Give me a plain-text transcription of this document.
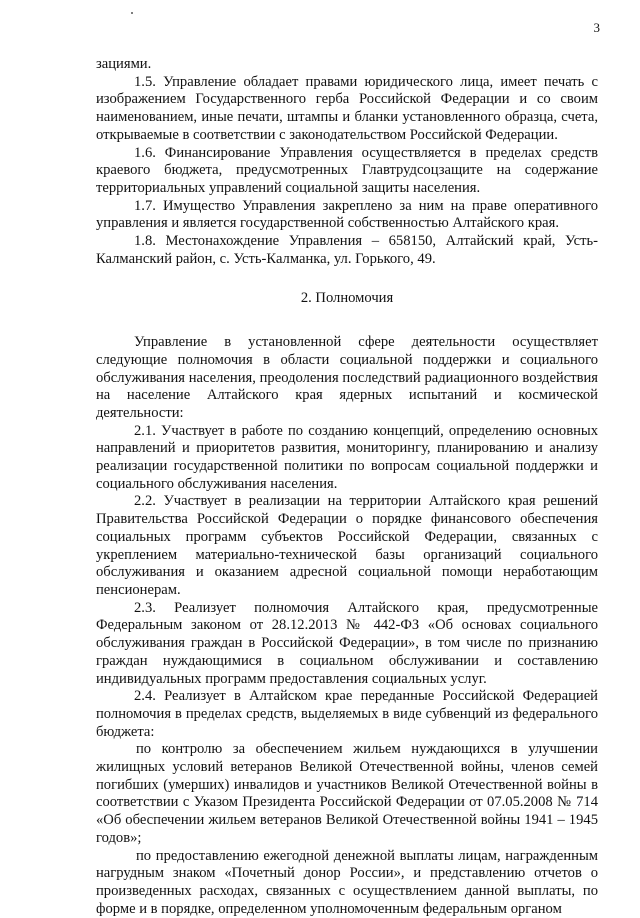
3

зациями.

1.5. Управление обладает правами юридического лица, имеет печать с изображением Государственного герба Российской Федерации и со своим наименованием, иные печати, штампы и бланки установленного образца, счета, открываемые в соответствии с законодательством Российской Федерации.

1.6. Финансирование Управления осуществляется в пределах средств краевого бюджета, предусмотренных Главтрудсоцзащите на содержание территориальных управлений социальной защиты населения.

1.7. Имущество Управления закреплено за ним на праве оперативного управления и является государственной собственностью Алтайского края.

1.8. Местонахождение Управления – 658150, Алтайский край, Усть-Калманский район, с. Усть-Калманка, ул. Горького, 49.

2. Полномочия

Управление в установленной сфере деятельности осуществляет следующие полномочия в области социальной поддержки и социального обслуживания населения, преодоления последствий радиационного воздействия на население Алтайского края ядерных испытаний и космической деятельности:

2.1. Участвует в работе по созданию концепций, определению основных направлений и приоритетов развития, мониторингу, планированию и анализу реализации государственной политики по вопросам социальной поддержки и социального обслуживания населения.

2.2. Участвует в реализации на территории Алтайского края решений Правительства Российской Федерации о порядке финансового обеспечения социальных программ субъектов Российской Федерации, связанных с укреплением материально-технической базы организаций социального обслуживания и оказанием адресной социальной помощи неработающим пенсионерам.

2.3. Реализует полномочия Алтайского края, предусмотренные Федеральным законом от 28.12.2013 № 442-ФЗ «Об основах социального обслуживания граждан в Российской Федерации», в том числе по признанию граждан нуждающимися в социальном обслуживании и составлению индивидуальных программ предоставления социальных услуг.

2.4. Реализует в Алтайском крае переданные Российской Федерацией полномочия в пределах средств, выделяемых в виде субвенций из федерального бюджета:

по контролю за обеспечением жильем нуждающихся в улучшении жилищных условий ветеранов Великой Отечественной войны, членов семей погибших (умерших) инвалидов и участников Великой Отечественной войны в соответствии с Указом Президента Российской Федерации от 07.05.2008 № 714 «Об обеспечении жильем ветеранов Великой Отечественной войны 1941 – 1945 годов»;

по предоставлению ежегодной денежной выплаты лицам, награжденным нагрудным знаком «Почетный донор России», и представлению отчетов о произведенных расходах, связанных с осуществлением данной выплаты, по форме и в порядке, определенном уполномоченным федеральным органом
